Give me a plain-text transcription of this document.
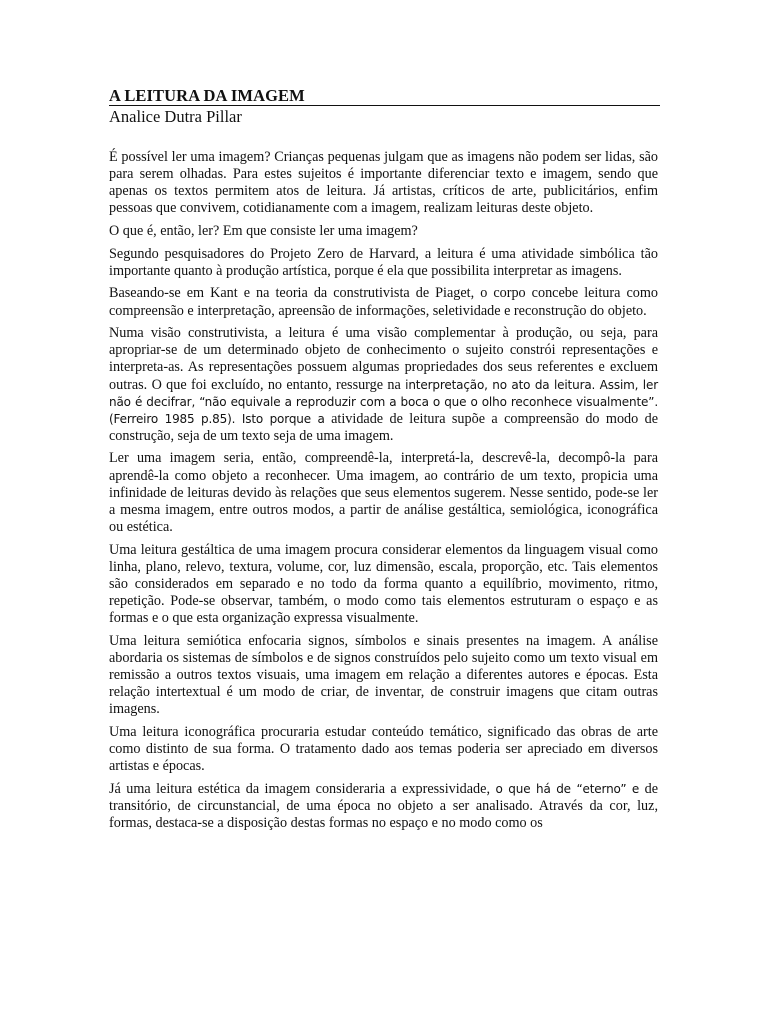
A LEITURA DA IMAGEM
Analice Dutra Pillar

É possível ler uma imagem? Crianças pequenas julgam que as imagens não podem ser lidas, são para serem olhadas. Para estes sujeitos é importante diferenciar texto e imagem, sendo que apenas os textos permitem atos de leitura. Já artistas, críticos de arte, publicitários, enfim pessoas que convivem, cotidianamente com a imagem, realizam leituras deste objeto.

O que é, então, ler? Em que consiste ler uma imagem?

Segundo pesquisadores do Projeto Zero de Harvard, a leitura é uma atividade simbólica tão importante quanto à produção artística, porque é ela que possibilita interpretar as imagens.

Baseando-se em Kant e na teoria da construtivista de Piaget, o corpo concebe leitura como compreensão e interpretação, apreensão de informações, seletividade e reconstrução do objeto.

Numa visão construtivista, a leitura é uma visão complementar à produção, ou seja, para apropriar-se de um determinado objeto de conhecimento o sujeito constrói representações e interpreta-as. As representações possuem algumas propriedades dos seus referentes e excluem outras. O que foi excluído, no entanto, ressurge na interpretação, no ato da leitura. Assim, ler não é decifrar, “não equivale a reproduzir com a boca o que o olho reconhece visualmente”. (Ferreiro 1985 p.85). Isto porque a atividade de leitura supõe a compreensão do modo de construção, seja de um texto seja de uma imagem.

Ler uma imagem seria, então, compreendê-la, interpretá-la, descrevê-la, decompô-la para aprendê-la como objeto a reconhecer. Uma imagem, ao contrário de um texto, propicia uma infinidade de leituras devido às relações que seus elementos sugerem. Nesse sentido, pode-se ler a mesma imagem, entre outros modos, a partir de análise gestáltica, semiológica, iconográfica ou estética.

Uma leitura gestáltica de uma imagem procura considerar elementos da linguagem visual como linha, plano, relevo, textura, volume, cor, luz dimensão, escala, proporção, etc. Tais elementos são considerados em separado e no todo da forma quanto a equilíbrio, movimento, ritmo, repetição. Pode-se observar, também, o modo como tais elementos estruturam o espaço e as formas e o que esta organização expressa visualmente.

Uma leitura semiótica enfocaria signos, símbolos e sinais presentes na imagem. A análise abordaria os sistemas de símbolos e de signos construídos pelo sujeito como um texto visual em remissão a outros textos visuais, uma imagem em relação a diferentes autores e épocas. Esta relação intertextual é um modo de criar, de inventar, de construir imagens que citam outras imagens.

Uma leitura iconográfica procuraria estudar conteúdo temático, significado das obras de arte como distinto de sua forma. O tratamento dado aos temas poderia ser apreciado em diversos artistas e épocas.

Já uma leitura estética da imagem consideraria a expressividade, o que há de “eterno” e de transitório, de circunstancial, de uma época no objeto a ser analisado. Através da cor, luz, formas, destaca-se a disposição destas formas no espaço e no modo como os
